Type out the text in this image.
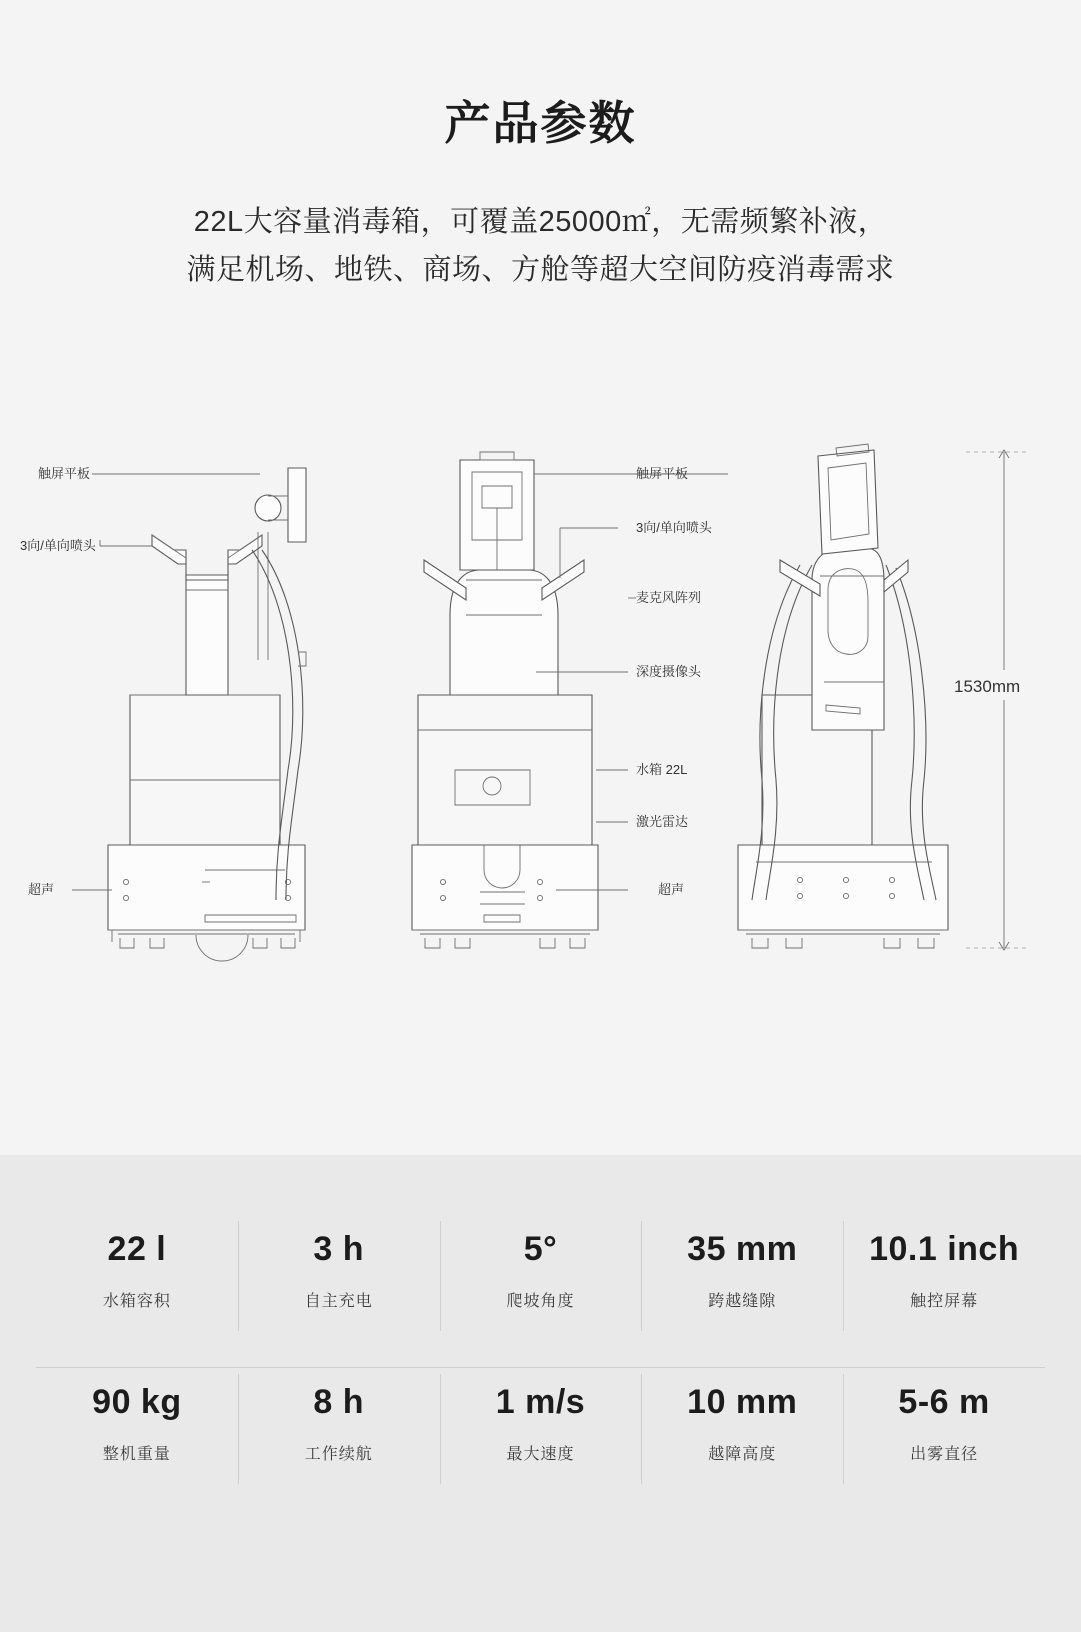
产品参数
22L大容量消毒箱，可覆盖25000㎡，无需频繁补液，
满足机场、地铁、商场、方舱等超大空间防疫消毒需求
触屏平板
3向/单向喷头
超声
触屏平板
3向/单向喷头
麦克风阵列
深度摄像头
水箱 22L
激光雷达
超声
1530mm
22 l
水箱容积
3 h
自主充电
5°
爬坡角度
35 mm
跨越缝隙
10.1 inch
触控屏幕
90 kg
整机重量
8 h
工作续航
1 m/s
最大速度
10 mm
越障高度
5-6 m
出雾直径
